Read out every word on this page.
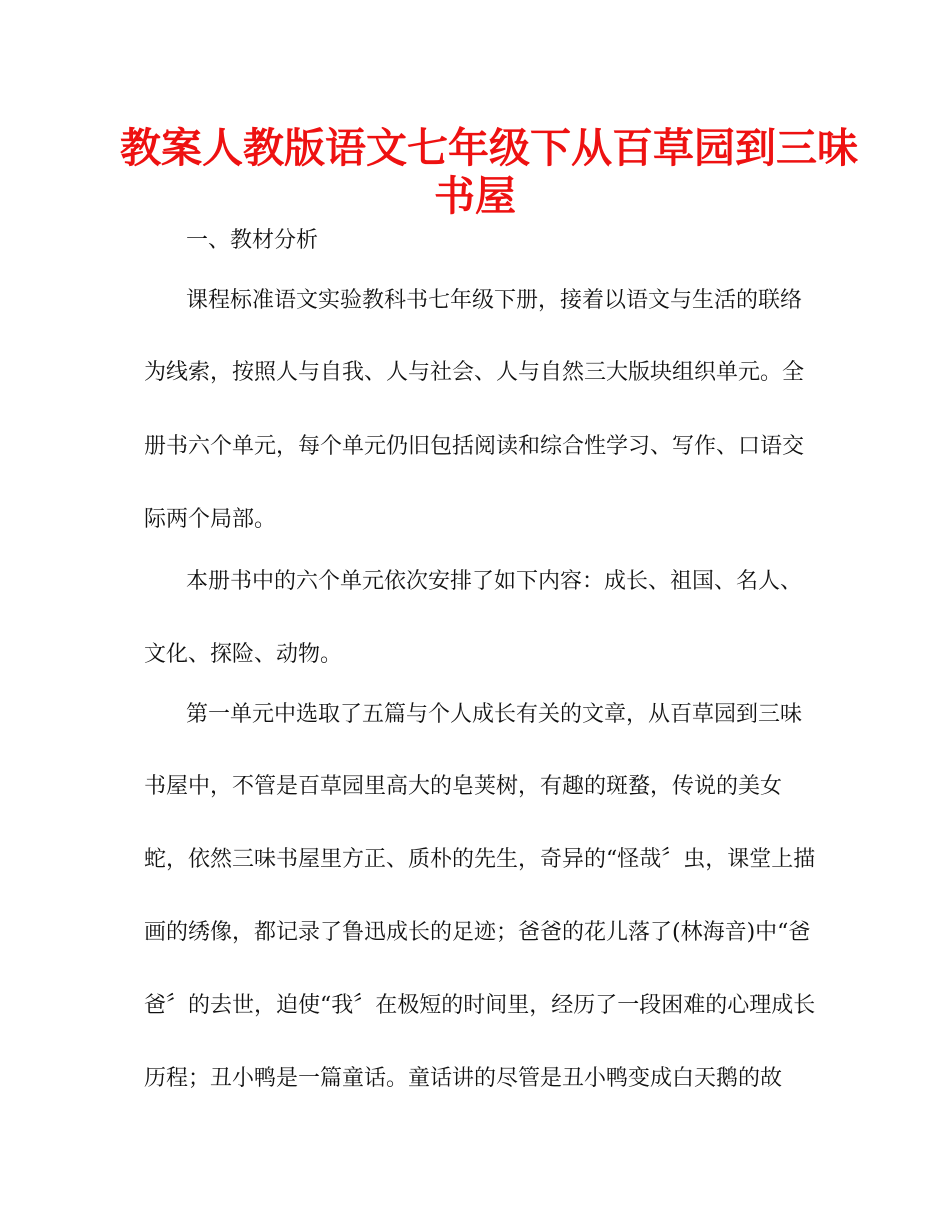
教案人教版语文七年级下从百草园到三味
书屋

一、教材分析

课程标准语文实验教科书七年级下册，接着以语文与生活的联络

为线索，按照人与自我、人与社会、人与自然三大版块组织单元。全

册书六个单元，每个单元仍旧包括阅读和综合性学习、写作、口语交

际两个局部。

本册书中的六个单元依次安排了如下内容：成长、祖国、名人、

文化、探险、动物。

第一单元中选取了五篇与个人成长有关的文章，从百草园到三味

书屋中，不管是百草园里高大的皂荚树，有趣的斑蝥，传说的美女

蛇，依然三味书屋里方正、质朴的先生，奇异的“怪哉〞虫，课堂上描

画的绣像，都记录了鲁迅成长的足迹；爸爸的花儿落了(林海音)中“爸

爸〞的去世，迫使“我〞在极短的时间里，经历了一段困难的心理成长

历程；丑小鸭是一篇童话。童话讲的尽管是丑小鸭变成白天鹅的故
